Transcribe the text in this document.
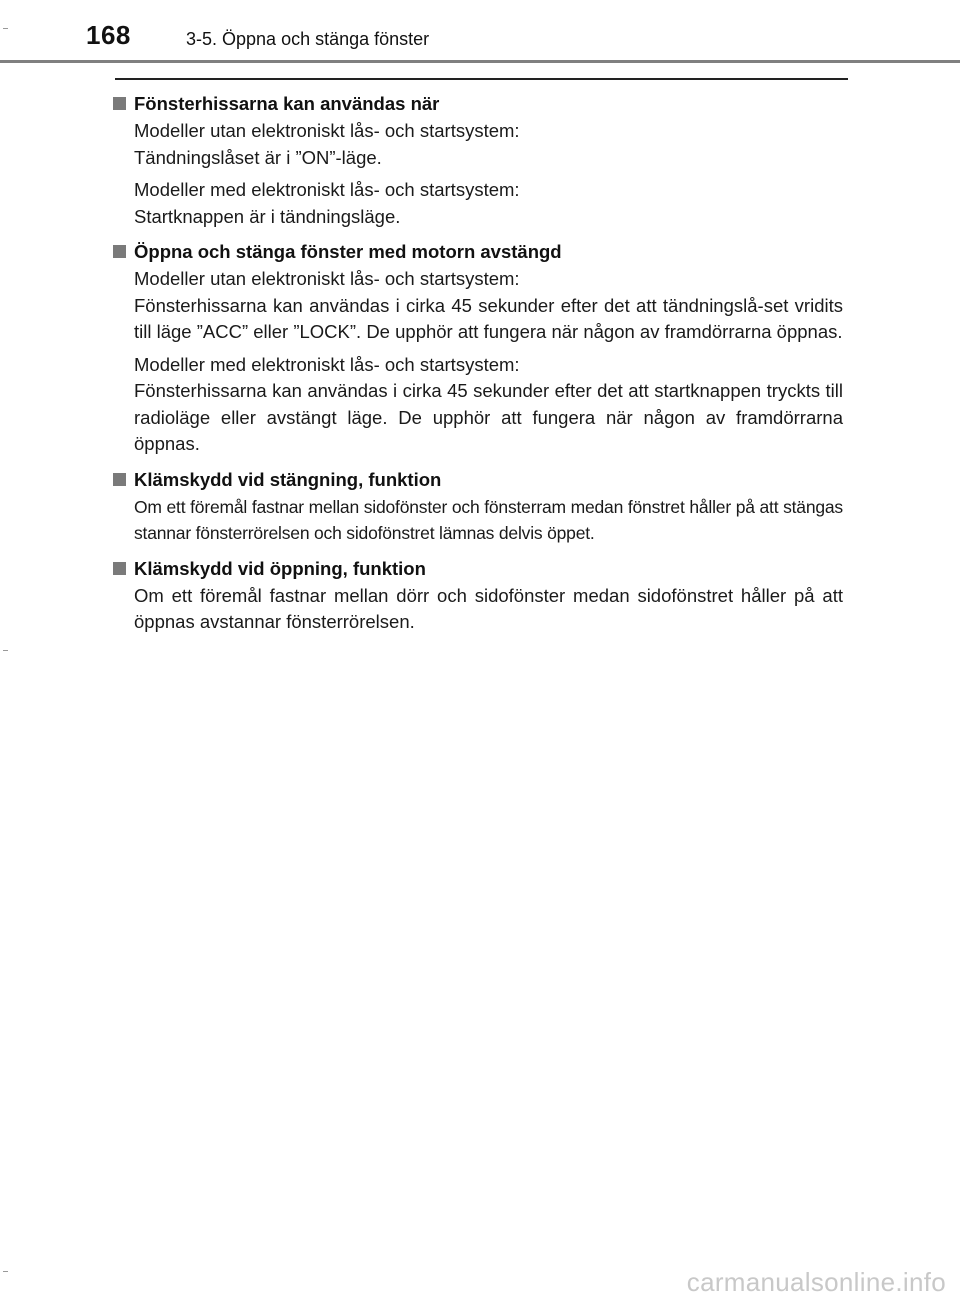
168	3-5. Öppna och stänga fönster
Fönsterhissarna kan användas när
Modeller utan elektroniskt lås- och startsystem:
Tändningslåset är i ”ON”-läge.
Modeller med elektroniskt lås- och startsystem:
Startknappen är i tändningsläge.
Öppna och stänga fönster med motorn avstängd
Modeller utan elektroniskt lås- och startsystem:
Fönsterhissarna kan användas i cirka 45 sekunder efter det att tändningslå-set vridits till läge ”ACC” eller ”LOCK”. De upphör att fungera när någon av framdörrarna öppnas.
Modeller med elektroniskt lås- och startsystem:
Fönsterhissarna kan användas i cirka 45 sekunder efter det att startknappen tryckts till radioläge eller avstängt läge. De upphör att fungera när någon av framdörrarna öppnas.
Klämskydd vid stängning, funktion
Om ett föremål fastnar mellan sidofönster och fönsterram medan fönstret håller på att stängas stannar fönsterrörelsen och sidofönstret lämnas delvis öppet.
Klämskydd vid öppning, funktion
Om ett föremål fastnar mellan dörr och sidofönster medan sidofönstret håller på att öppnas avstannar fönsterrörelsen.
carmanualsonline.info
